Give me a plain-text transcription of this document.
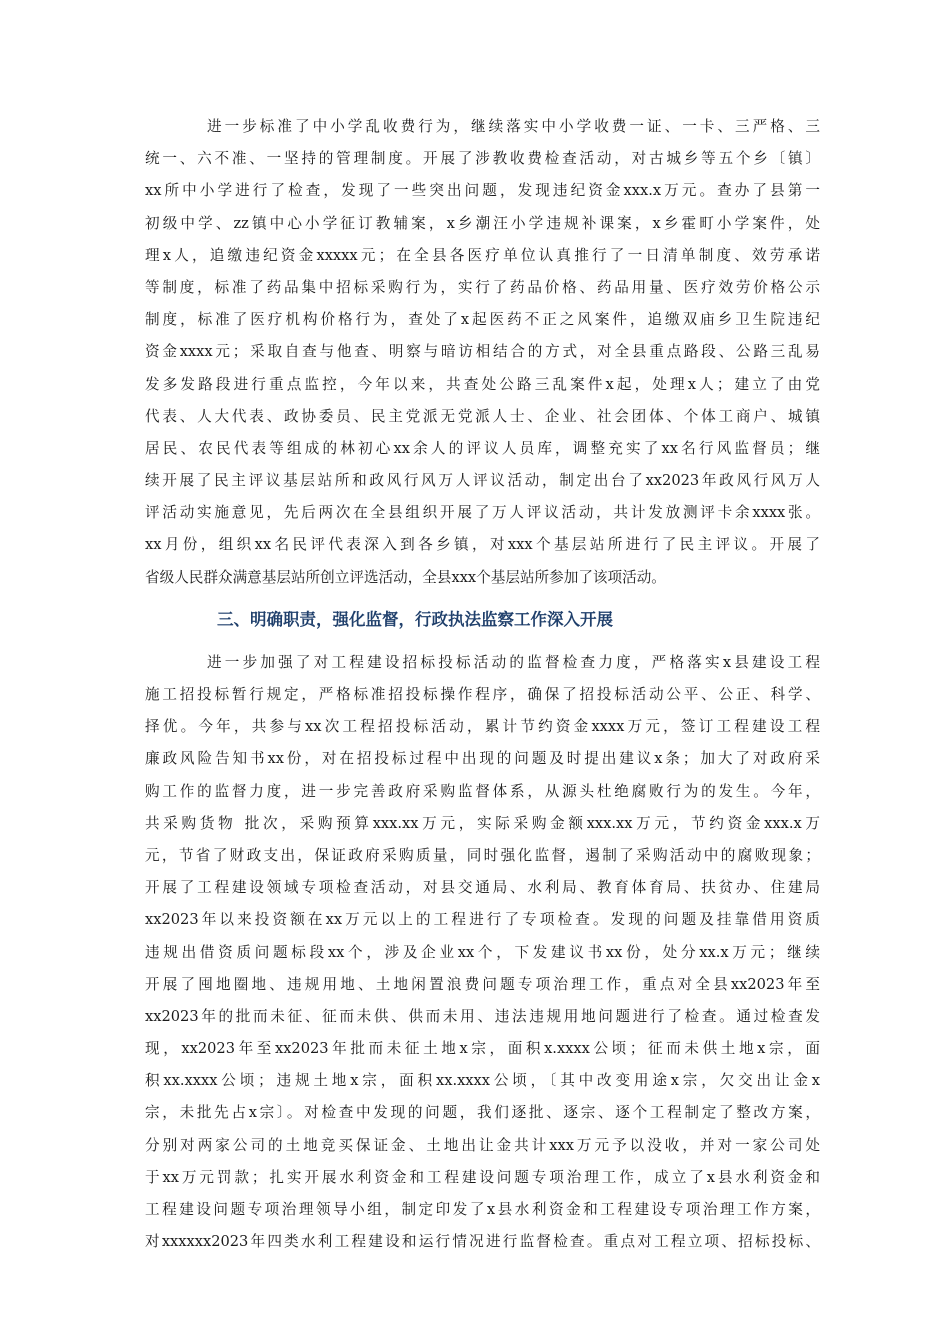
进一步标准了中小学乱收费行为，继续落实中小学收费一证、一卡、三严格、三
统一、六不准、一坚持的管理制度。开展了涉教收费检查活动，对古城乡等五个乡〔镇〕
xx所中小学进行了检查，发现了一些突出问题，发现违纪资金xxx.x万元。查办了县第一
初级中学、zz镇中心小学征订教辅案，x乡潮汪小学违规补课案，x乡霍町小学案件，处
理x人，追缴违纪资金xxxxx元；在全县各医疗单位认真推行了一日清单制度、效劳承诺
等制度，标准了药品集中招标采购行为，实行了药品价格、药品用量、医疗效劳价格公示
制度，标准了医疗机构价格行为，查处了x起医药不正之风案件，追缴双庙乡卫生院违纪
资金xxxx元；采取自查与他查、明察与暗访相结合的方式，对全县重点路段、公路三乱易
发多发路段进行重点监控，今年以来，共查处公路三乱案件x起，处理x人；建立了由党
代表、人大代表、政协委员、民主党派无党派人士、企业、社会团体、个体工商户、城镇
居民、农民代表等组成的林初心xx余人的评议人员库，调整充实了xx名行风监督员；继
续开展了民主评议基层站所和政风行风万人评议活动，制定出台了xx2023年政风行风万人
评活动实施意见，先后两次在全县组织开展了万人评议活动，共计发放测评卡余xxxx张。
xx月份，组织xx名民评代表深入到各乡镇，对xxx个基层站所进行了民主评议。开展了
省级人民群众满意基层站所创立评选活动，全县xxx个基层站所参加了该项活动。
三、明确职责，强化监督，行政执法监察工作深入开展
进一步加强了对工程建设招标投标活动的监督检查力度，严格落实x县建设工程
施工招投标暂行规定，严格标准招投标操作程序，确保了招投标活动公平、公正、科学、
择优。今年，共参与xx次工程招投标活动，累计节约资金xxxx万元，签订工程建设工程
廉政风险告知书xx份，对在招投标过程中出现的问题及时提出建议x条；加大了对政府采
购工作的监督力度，进一步完善政府采购监督体系，从源头杜绝腐败行为的发生。今年，
共采购货物 批次，采购预算xxx.xx万元，实际采购金额xxx.xx万元，节约资金xxx.x万
元，节省了财政支出，保证政府采购质量，同时强化监督，遏制了采购活动中的腐败现象；
开展了工程建设领域专项检查活动，对县交通局、水利局、教育体育局、扶贫办、住建局
xx2023年以来投资额在xx万元以上的工程进行了专项检查。发现的问题及挂靠借用资质
违规出借资质问题标段xx个，涉及企业xx个，下发建议书xx份，处分xx.x万元；继续
开展了囤地圈地、违规用地、土地闲置浪费问题专项治理工作，重点对全县xx2023年至
xx2023年的批而未征、征而未供、供而未用、违法违规用地问题进行了检查。通过检查发
现，xx2023年至xx2023年批而未征土地x宗，面积x.xxxx公顷；征而未供土地x宗，面
积xx.xxxx公顷；违规土地x宗，面积xx.xxxx公顷，〔其中改变用途x宗，欠交出让金x
宗，未批先占x宗〕。对检查中发现的问题，我们逐批、逐宗、逐个工程制定了整改方案，
分别对两家公司的土地竞买保证金、土地出让金共计xxx万元予以没收，并对一家公司处
于xx万元罚款；扎实开展水利资金和工程建设问题专项治理工作，成立了x县水利资金和
工程建设问题专项治理领导小组，制定印发了x县水利资金和工程建设专项治理工作方案，
对xxxxxx2023年四类水利工程建设和运行情况进行监督检查。重点对工程立项、招标投标、
